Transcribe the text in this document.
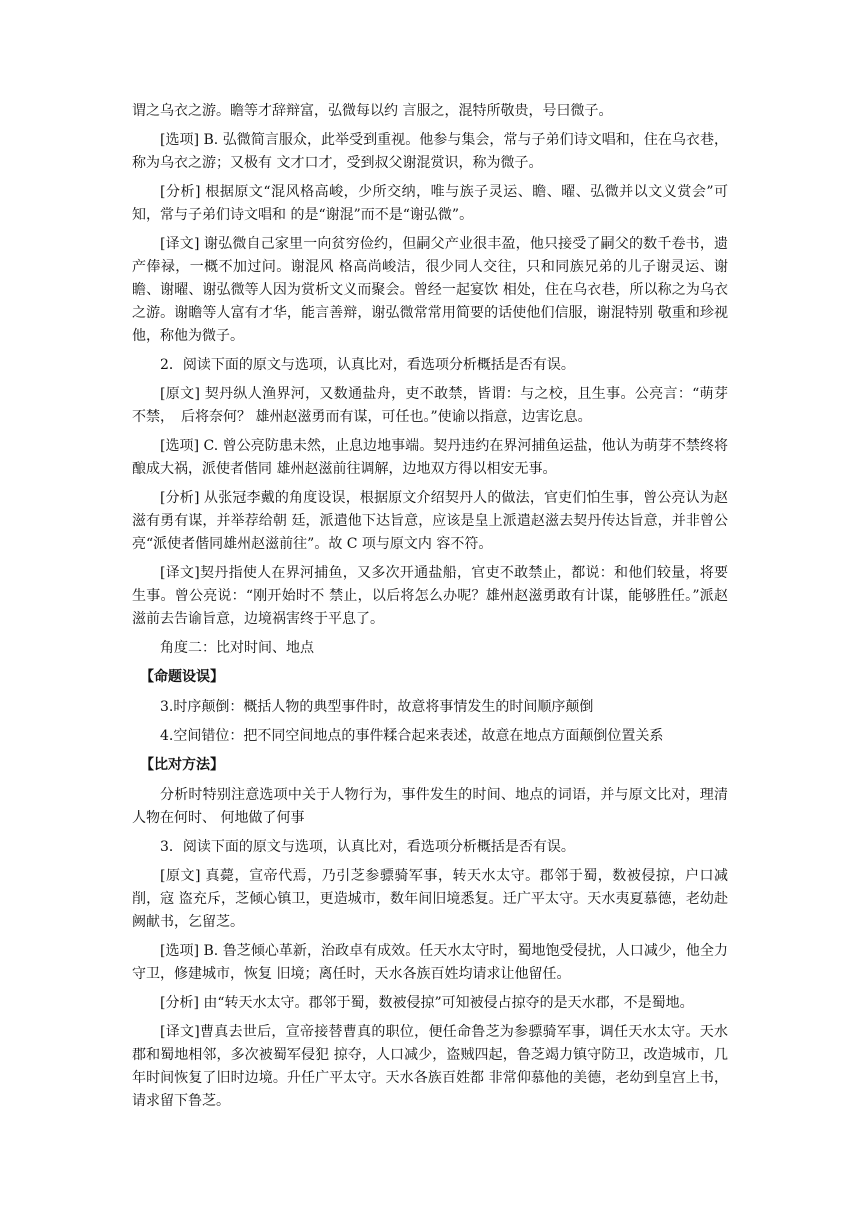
谓之乌衣之游。瞻等才辞辩富，弘微每以约 言服之，混特所敬贵，号曰微子。

[选项] B. 弘微简言服众，此举受到重视。他参与集会，常与子弟们诗文唱和，住在乌衣巷，称为乌衣之游；又极有 文才口才，受到叔父谢混赏识，称为微子。

[分析] 根据原文“混风格高峻，少所交纳，唯与族子灵运、瞻、曜、弘微并以文义赏会”可知，常与子弟们诗文唱和 的是“谢混”而不是“谢弘微”。

[译文] 谢弘微自己家里一向贫穷俭约，但嗣父产业很丰盈，他只接受了嗣父的数千卷书，遗产俸禄，一概不加过问。谢混风 格高尚峻洁，很少同人交往，只和同族兄弟的儿子谢灵运、谢瞻、谢曜、谢弘微等人因为赏析文义而聚会。曾经一起宴饮 相处，住在乌衣巷，所以称之为乌衣之游。谢瞻等人富有才华，能言善辩，谢弘微常常用简要的话使他们信服，谢混特别 敬重和珍视他，称他为微子。

2．阅读下面的原文与选项，认真比对，看选项分析概括是否有误。

[原文] 契丹纵人渔界河，又数通盐舟，吏不敢禁，皆谓：与之校，且生事。公亮言：“萌芽不禁，　后将奈何？ 雄州赵滋勇而有谋，可任也。”使谕以指意，边害讫息。

[选项] C. 曾公亮防患未然，止息边地事端。契丹违约在界河捕鱼运盐，他认为萌芽不禁终将酿成大祸，派使者偕同 雄州赵滋前往调解，边地双方得以相安无事。

[分析] 从张冠李戴的角度设误，根据原文介绍契丹人的做法，官吏们怕生事，曾公亮认为赵滋有勇有谋，并举荐给朝 廷，派遣他下达旨意，应该是皇上派遣赵滋去契丹传达旨意，并非曾公亮“派使者偕同雄州赵滋前往”。故 C 项与原文内 容不符。

[译文]契丹指使人在界河捕鱼，又多次开通盐船，官吏不敢禁止，都说：和他们较量，将要生事。曾公亮说：“刚开始时不 禁止，以后将怎么办呢？雄州赵滋勇敢有计谋，能够胜任。”派赵滋前去告谕旨意，边境祸害终于平息了。

角度二：比对时间、地点

【命题设误】

3.时序颠倒：概括人物的典型事件时，故意将事情发生的时间顺序颠倒

4.空间错位：把不同空间地点的事件糅合起来表述，故意在地点方面颠倒位置关系

【比对方法】

分析时特别注意选项中关于人物行为，事件发生的时间、地点的词语，并与原文比对，理清人物在何时、 何地做了何事

3．阅读下面的原文与选项，认真比对，看选项分析概括是否有误。

[原文] 真薨，宣帝代焉，乃引芝参骠骑军事，转天水太守。郡邻于蜀，数被侵掠，户口减削，寇 盗充斥，芝倾心镇卫，更造城市，数年间旧境悉复。迁广平太守。天水夷夏慕德，老幼赴阙献书，乞留芝。

[选项] B. 鲁芝倾心革新，治政卓有成效。任天水太守时，蜀地饱受侵扰，人口减少，他全力守卫，修建城市，恢复 旧境；离任时，天水各族百姓均请求让他留任。

[分析] 由“转天水太守。郡邻于蜀，数被侵掠”可知被侵占掠夺的是天水郡，不是蜀地。

[译文]曹真去世后，宣帝接替曹真的职位，便任命鲁芝为参骠骑军事，调任天水太守。天水郡和蜀地相邻，多次被蜀军侵犯 掠夺，人口减少，盗贼四起，鲁芝竭力镇守防卫，改造城市，几年时间恢复了旧时边境。升任广平太守。天水各族百姓都 非常仰慕他的美德，老幼到皇宫上书，请求留下鲁芝。
